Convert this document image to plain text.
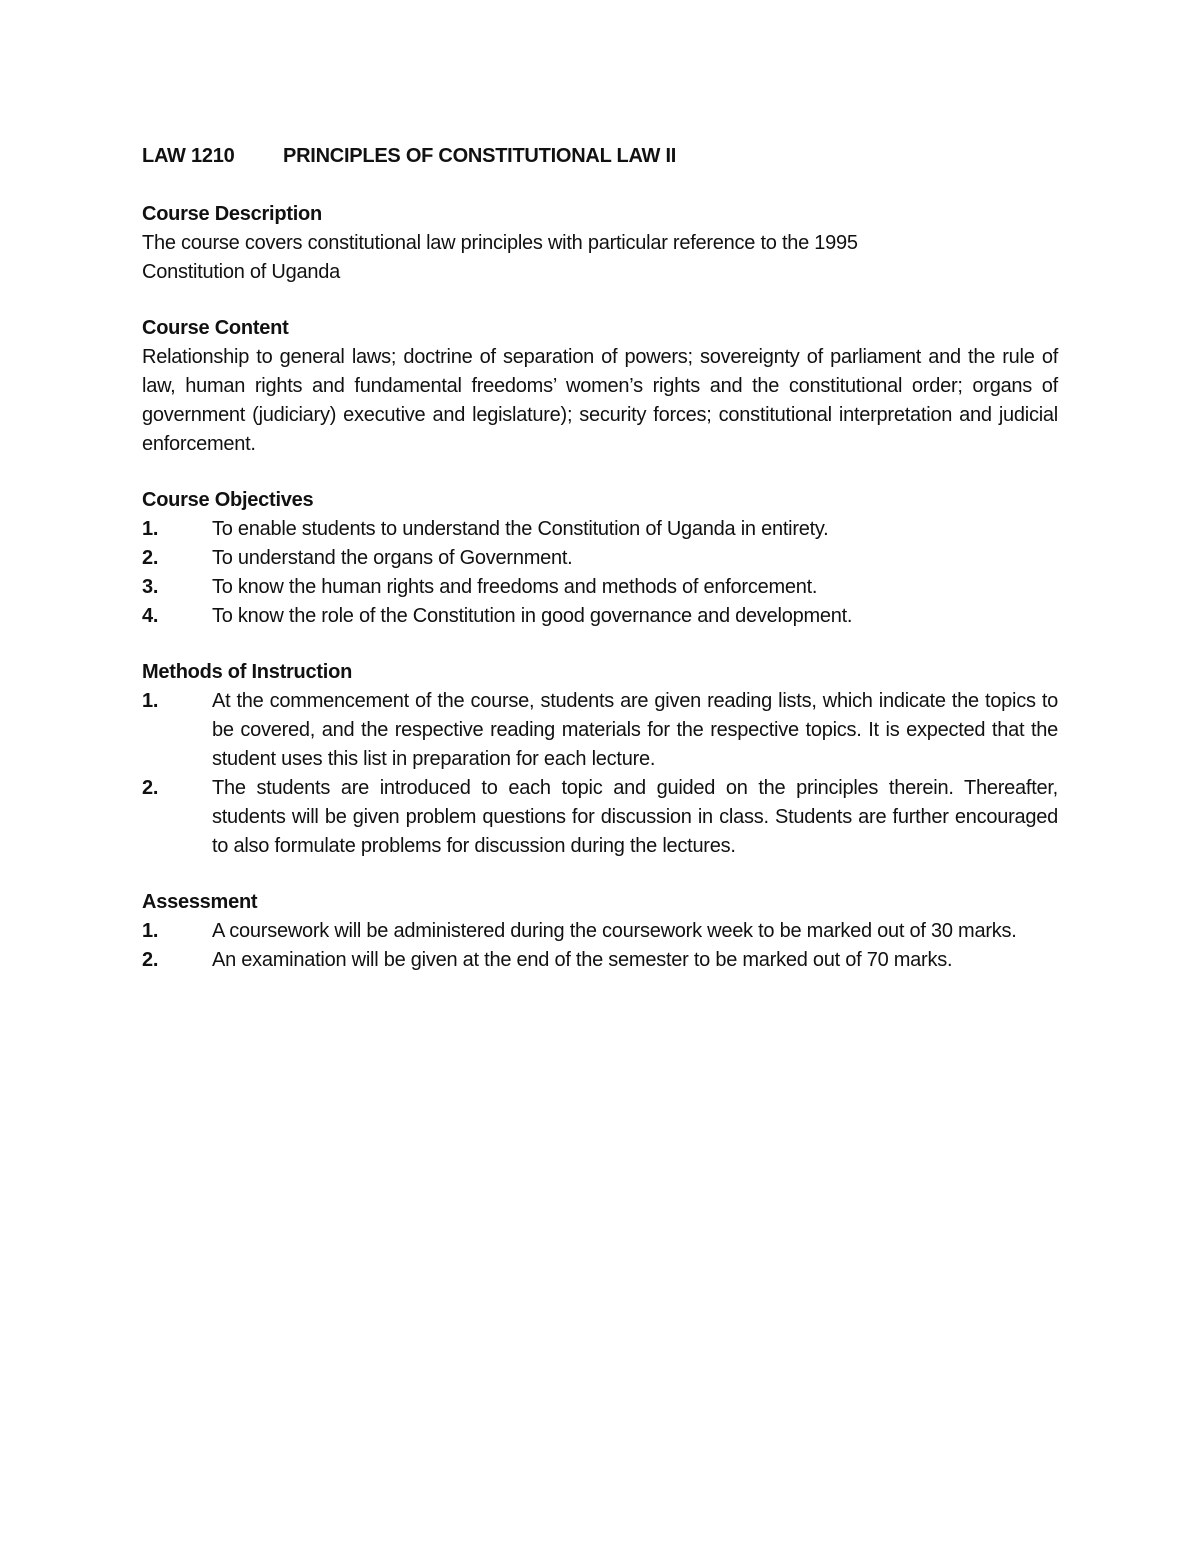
LAW 1210 PRINCIPLES OF CONSTITUTIONAL LAW II
Course Description
The course covers constitutional law principles with particular reference to the 1995 Constitution of Uganda
Course Content
Relationship to general laws; doctrine of separation of powers; sovereignty of parliament and the rule of law, human rights and fundamental freedoms’ women’s rights and the constitutional order; organs of government (judiciary) executive and legislature); security forces; constitutional interpretation and judicial enforcement.
Course Objectives
1.	To enable students to understand the Constitution of Uganda in entirety.
2.	To understand the organs of Government.
3.	To know the human rights and freedoms and methods of enforcement.
4.	To know the role of the Constitution in good governance and development.
Methods of Instruction
1.	At the commencement of the course, students are given reading lists, which indicate the topics to be covered, and the respective reading materials for the respective topics. It is expected that the student uses this list in preparation for each lecture.
2.	The students are introduced to each topic and guided on the principles therein. Thereafter, students will be given problem questions for discussion in class. Students are further encouraged to also formulate problems for discussion during the lectures.
Assessment
1.	A coursework will be administered during the coursework week to be marked out of 30 marks.
2.	An examination will be given at the end of the semester to be marked out of 70 marks.
